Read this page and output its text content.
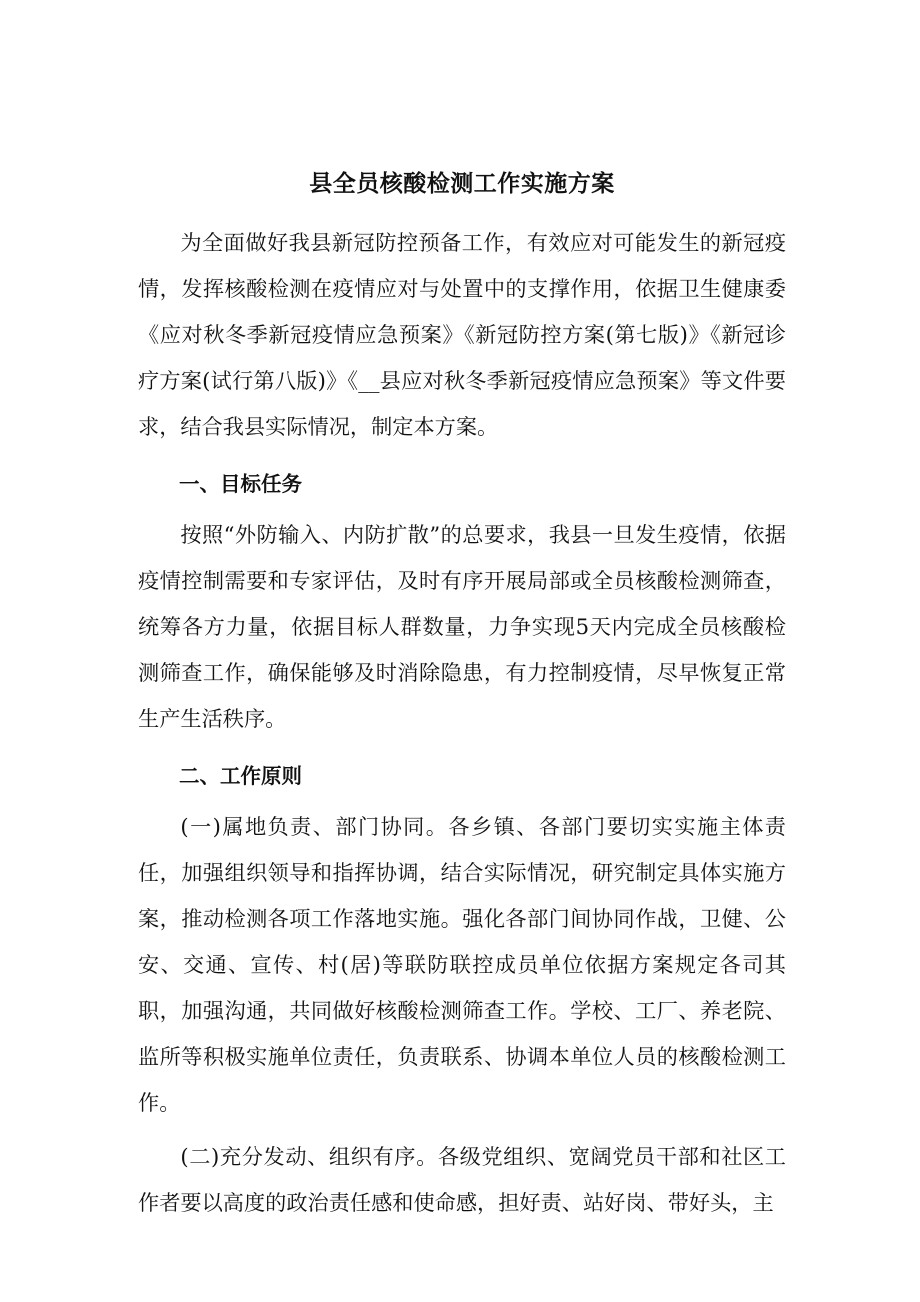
县全员核酸检测工作实施方案

为全面做好我县新冠防控预备工作，有效应对可能发生的新冠疫情，发挥核酸检测在疫情应对与处置中的支撑作用，依据卫生健康委《应对秋冬季新冠疫情应急预案》《新冠防控方案(第七版)》《新冠诊疗方案(试行第八版)》《__县应对秋冬季新冠疫情应急预案》等文件要求，结合我县实际情况，制定本方案。

一、目标任务

按照“外防输入、内防扩散”的总要求，我县一旦发生疫情，依据疫情控制需要和专家评估，及时有序开展局部或全员核酸检测筛查，统筹各方力量，依据目标人群数量，力争实现5天内完成全员核酸检测筛查工作，确保能够及时消除隐患，有力控制疫情，尽早恢复正常生产生活秩序。

二、工作原则

(一)属地负责、部门协同。各乡镇、各部门要切实实施主体责任，加强组织领导和指挥协调，结合实际情况，研究制定具体实施方案，推动检测各项工作落地实施。强化各部门间协同作战，卫健、公安、交通、宣传、村(居)等联防联控成员单位依据方案规定各司其职，加强沟通，共同做好核酸检测筛查工作。学校、工厂、养老院、监所等积极实施单位责任，负责联系、协调本单位人员的核酸检测工作。

(二)充分发动、组织有序。各级党组织、宽阔党员干部和社区工作者要以高度的政治责任感和使命感，担好责、站好岗、带好头，主
